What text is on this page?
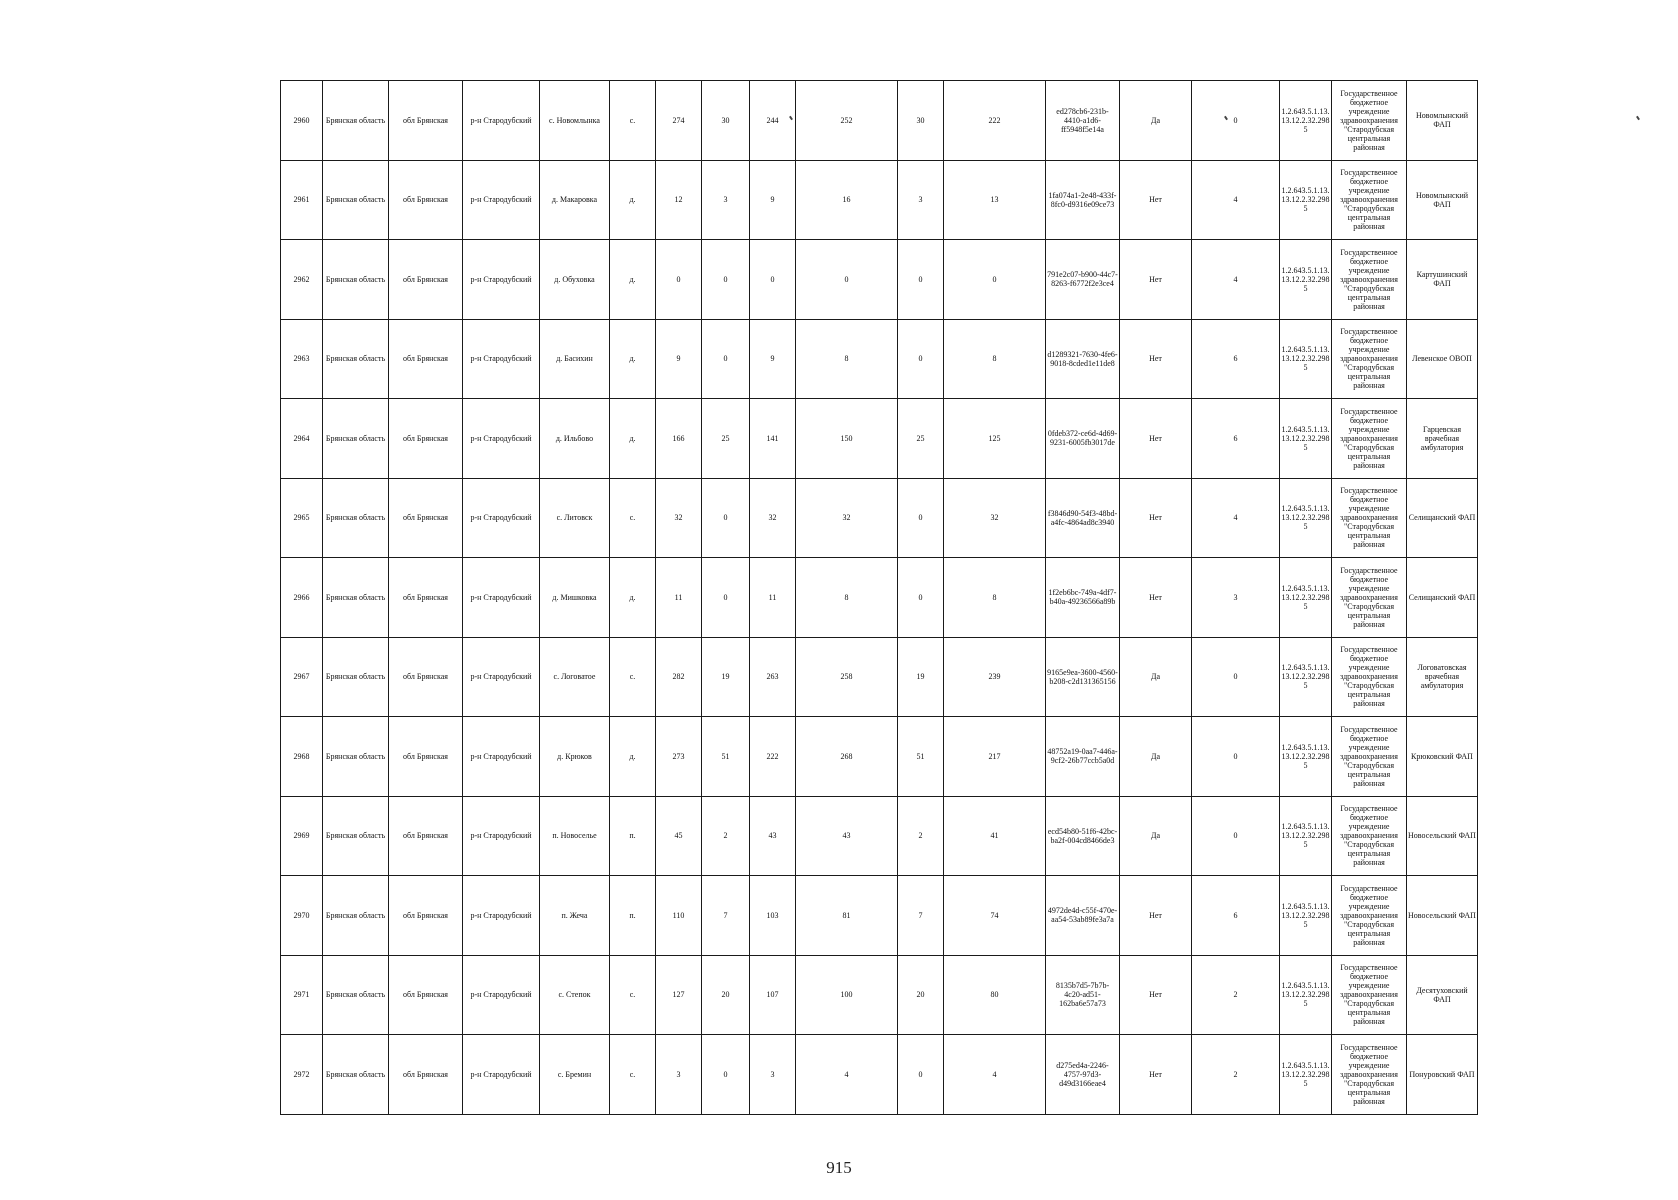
2960	Брянская область	обл Брянская	р-н Стародубский	с. Новомлынка	с.	274	30	244	252	30	222	ed278cb6-231b-4410-a1d6-ff5948f5e14a	Да	0	1.2.643.5.1.13.13.12.2.32.2985	Государственное бюджетное учреждение здравоохранения "Стародубская центральная районная	Новомлынский ФАП
2961	Брянская область	обл Брянская	р-н Стародубский	д. Макаровка	д.	12	3	9	16	3	13	1fa074a1-2e48-433f-8fc0-d9316e09ce73	Нет	4	1.2.643.5.1.13.13.12.2.32.2985	Государственное бюджетное учреждение здравоохранения "Стародубская центральная районная	Новомлынский ФАП
2962	Брянская область	обл Брянская	р-н Стародубский	д. Обуховка	д.	0	0	0	0	0	0	791e2c07-b900-44c7-8263-f6772f2e3ce4	Нет	4	1.2.643.5.1.13.13.12.2.32.2985	Государственное бюджетное учреждение здравоохранения "Стародубская центральная районная	Картушинский ФАП
2963	Брянская область	обл Брянская	р-н Стародубский	д. Басихин	д.	9	0	9	8	0	8	d1289321-7630-4fe6-9018-8cded1e11de8	Нет	6	1.2.643.5.1.13.13.12.2.32.2985	Государственное бюджетное учреждение здравоохранения "Стародубская центральная районная	Левенское ОВОП
2964	Брянская область	обл Брянская	р-н Стародубский	д. Ильбово	д.	166	25	141	150	25	125	0fdeb372-ce6d-4d69-9231-6005fb3017de	Нет	6	1.2.643.5.1.13.13.12.2.32.2985	Государственное бюджетное учреждение здравоохранения "Стародубская центральная районная	Гарцевская врачебная амбулатория
2965	Брянская область	обл Брянская	р-н Стародубский	с. Литовск	с.	32	0	32	32	0	32	f3846d90-54f3-48bd-a4fc-4864ad8c3940	Нет	4	1.2.643.5.1.13.13.12.2.32.2985	Государственное бюджетное учреждение здравоохранения "Стародубская центральная районная	Селищанский ФАП
2966	Брянская область	обл Брянская	р-н Стародубский	д. Мишковка	д.	11	0	11	8	0	8	1f2eb6bc-749a-4df7-b40a-49236566a89b	Нет	3	1.2.643.5.1.13.13.12.2.32.2985	Государственное бюджетное учреждение здравоохранения "Стародубская центральная районная	Селищанский ФАП
2967	Брянская область	обл Брянская	р-н Стародубский	с. Логоватое	с.	282	19	263	258	19	239	9165e9ea-3600-4560-b208-c2d131365156	Да	0	1.2.643.5.1.13.13.12.2.32.2985	Государственное бюджетное учреждение здравоохранения "Стародубская центральная районная	Логоватовская врачебная амбулатория
2968	Брянская область	обл Брянская	р-н Стародубский	д. Крюков	д.	273	51	222	268	51	217	48752a19-0aa7-446a-9cf2-26b77ccb5a0d	Да	0	1.2.643.5.1.13.13.12.2.32.2985	Государственное бюджетное учреждение здравоохранения "Стародубская центральная районная	Крюковский ФАП
2969	Брянская область	обл Брянская	р-н Стародубский	п. Новоселье	п.	45	2	43	43	2	41	ecd54b80-51f6-42bc-ba2f-004cd8466de3	Да	0	1.2.643.5.1.13.13.12.2.32.2985	Государственное бюджетное учреждение здравоохранения "Стародубская центральная районная	Новосельский ФАП
2970	Брянская область	обл Брянская	р-н Стародубский	п. Жеча	п.	110	7	103	81	7	74	4972de4d-c55f-470e-aa54-53ab89fe3a7a	Нет	6	1.2.643.5.1.13.13.12.2.32.2985	Государственное бюджетное учреждение здравоохранения "Стародубская центральная районная	Новосельский ФАП
2971	Брянская область	обл Брянская	р-н Стародубский	с. Степок	с.	127	20	107	100	20	80	8135b7d5-7b7b-4c20-ad51-162ba6e57a73	Нет	2	1.2.643.5.1.13.13.12.2.32.2985	Государственное бюджетное учреждение здравоохранения "Стародубская центральная районная	Десятуховский ФАП
2972	Брянская область	обл Брянская	р-н Стародубский	с. Бремин	с.	3	0	3	4	0	4	d275ed4a-2246-4757-97d3-d49d3166eae4	Нет	2	1.2.643.5.1.13.13.12.2.32.2985	Государственное бюджетное учреждение здравоохранения "Стародубская центральная районная	Понуровский ФАП
915
